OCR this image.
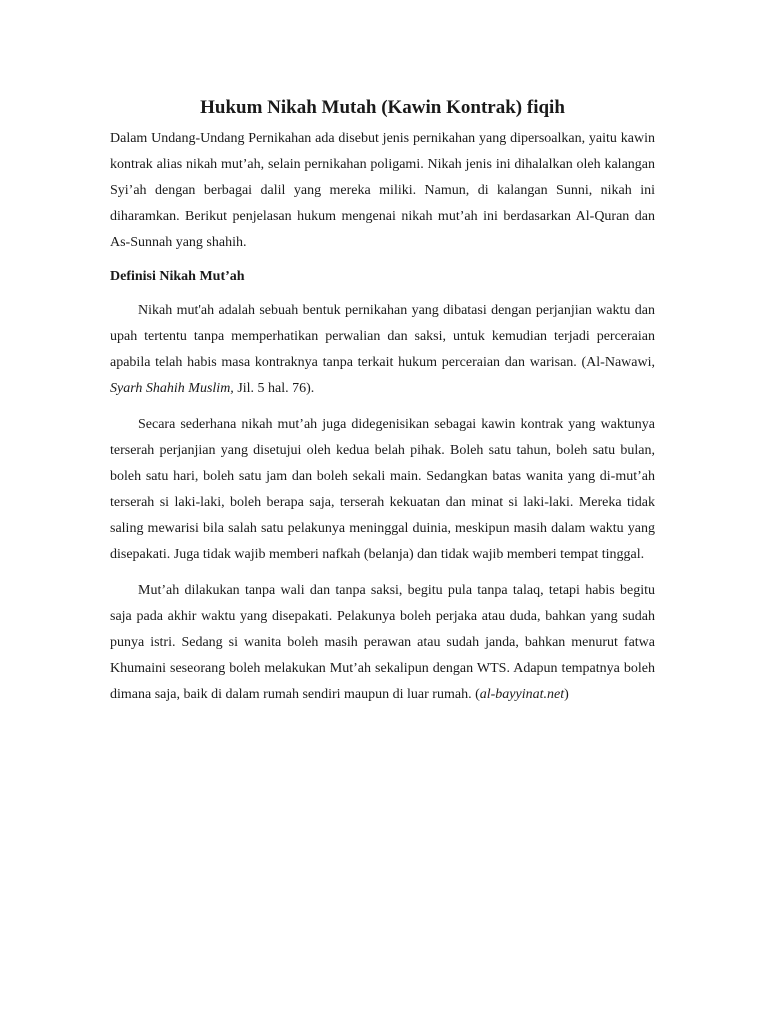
Hukum Nikah Mutah (Kawin Kontrak) fiqih

Dalam Undang-Undang Pernikahan ada disebut jenis pernikahan yang dipersoalkan, yaitu kawin kontrak alias nikah mut’ah, selain pernikahan poligami. Nikah jenis ini dihalalkan oleh kalangan Syi’ah dengan berbagai dalil yang mereka miliki. Namun, di kalangan Sunni, nikah ini diharamkan. Berikut penjelasan hukum mengenai nikah mut’ah ini berdasarkan Al-Quran dan As-Sunnah yang shahih.

Definisi Nikah Mut’ah

Nikah mut'ah adalah sebuah bentuk pernikahan yang dibatasi dengan perjanjian waktu dan upah tertentu tanpa memperhatikan perwalian dan saksi, untuk kemudian terjadi perceraian apabila telah habis masa kontraknya tanpa terkait hukum perceraian dan warisan. (Al-Nawawi, Syarh Shahih Muslim, Jil. 5 hal. 76).

Secara sederhana nikah mut’ah juga didegenisikan sebagai kawin kontrak yang waktunya terserah perjanjian yang disetujui oleh kedua belah pihak. Boleh satu tahun, boleh satu bulan, boleh satu hari, boleh satu jam dan boleh sekali main. Sedangkan batas wanita yang di-mut’ah terserah si laki-laki, boleh berapa saja, terserah kekuatan dan minat si laki-laki. Mereka tidak saling mewarisi bila salah satu pelakunya meninggal duinia, meskipun masih dalam waktu yang disepakati. Juga tidak wajib memberi nafkah (belanja) dan tidak wajib memberi tempat tinggal.

Mut’ah dilakukan tanpa wali dan tanpa saksi, begitu pula tanpa talaq, tetapi habis begitu saja pada akhir waktu yang disepakati. Pelakunya boleh perjaka atau duda, bahkan yang sudah punya istri. Sedang si wanita boleh masih perawan atau sudah janda, bahkan menurut fatwa Khumaini seseorang boleh melakukan Mut’ah sekalipun dengan WTS. Adapun tempatnya boleh dimana saja, baik di dalam rumah sendiri maupun di luar rumah. (al-bayyinat.net)
